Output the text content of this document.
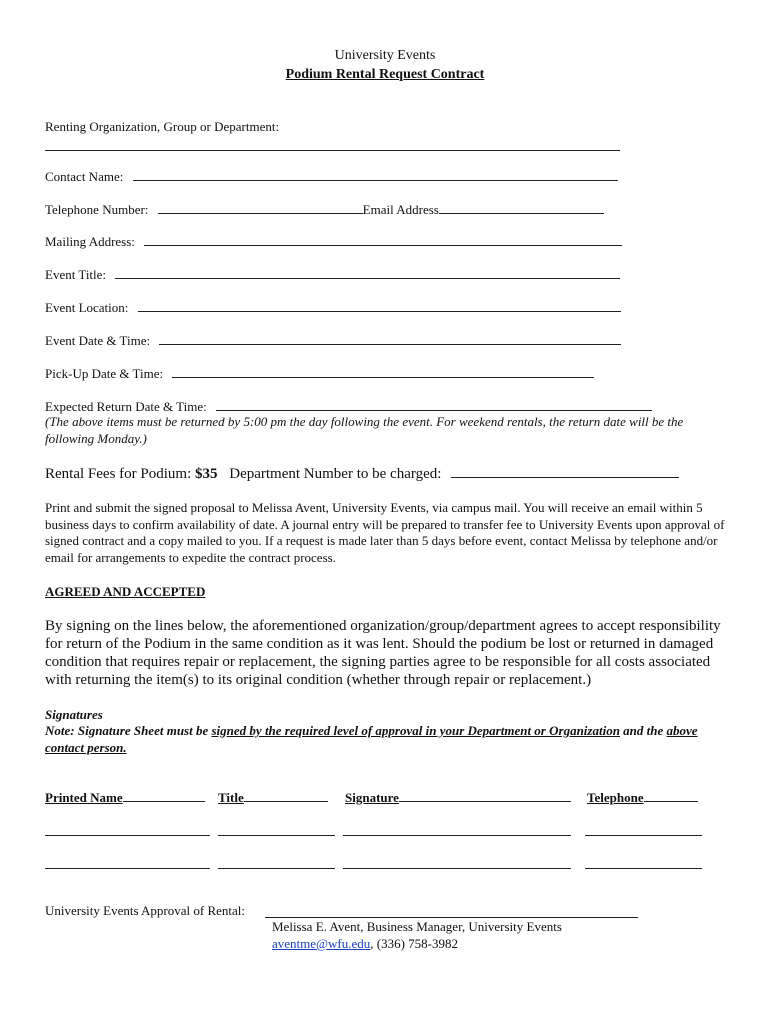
University Events
Podium Rental Request Contract
Renting Organization, Group or Department:
Contact Name:
Telephone Number:	Email Address
Mailing Address:
Event Title:
Event Location:
Event Date & Time:
Pick-Up Date & Time:
Expected Return Date & Time:
(The above items must be returned by 5:00 pm the day following the event. For weekend rentals, the return date will be the following Monday.)
Rental Fees for Podium: $35 Department Number to be charged:
Print and submit the signed proposal to Melissa Avent, University Events, via campus mail. You will receive an email within 5 business days to confirm availability of date. A journal entry will be prepared to transfer fee to University Events upon approval of signed contract and a copy mailed to you. If a request is made later than 5 days before event, contact Melissa by telephone and/or email for arrangements to expedite the contract process.
AGREED AND ACCEPTED
By signing on the lines below, the aforementioned organization/group/department agrees to accept responsibility for return of the Podium in the same condition as it was lent. Should the podium be lost or returned in damaged condition that requires repair or replacement, the signing parties agree to be responsible for all costs associated with returning the item(s) to its original condition (whether through repair or replacement.)
Signatures
Note: Signature Sheet must be signed by the required level of approval in your Department or Organization and the above contact person.
Printed Name	Title	Signature	Telephone
University Events Approval of Rental:
Melissa E. Avent, Business Manager, University Events
aventme@wfu.edu, (336) 758-3982
